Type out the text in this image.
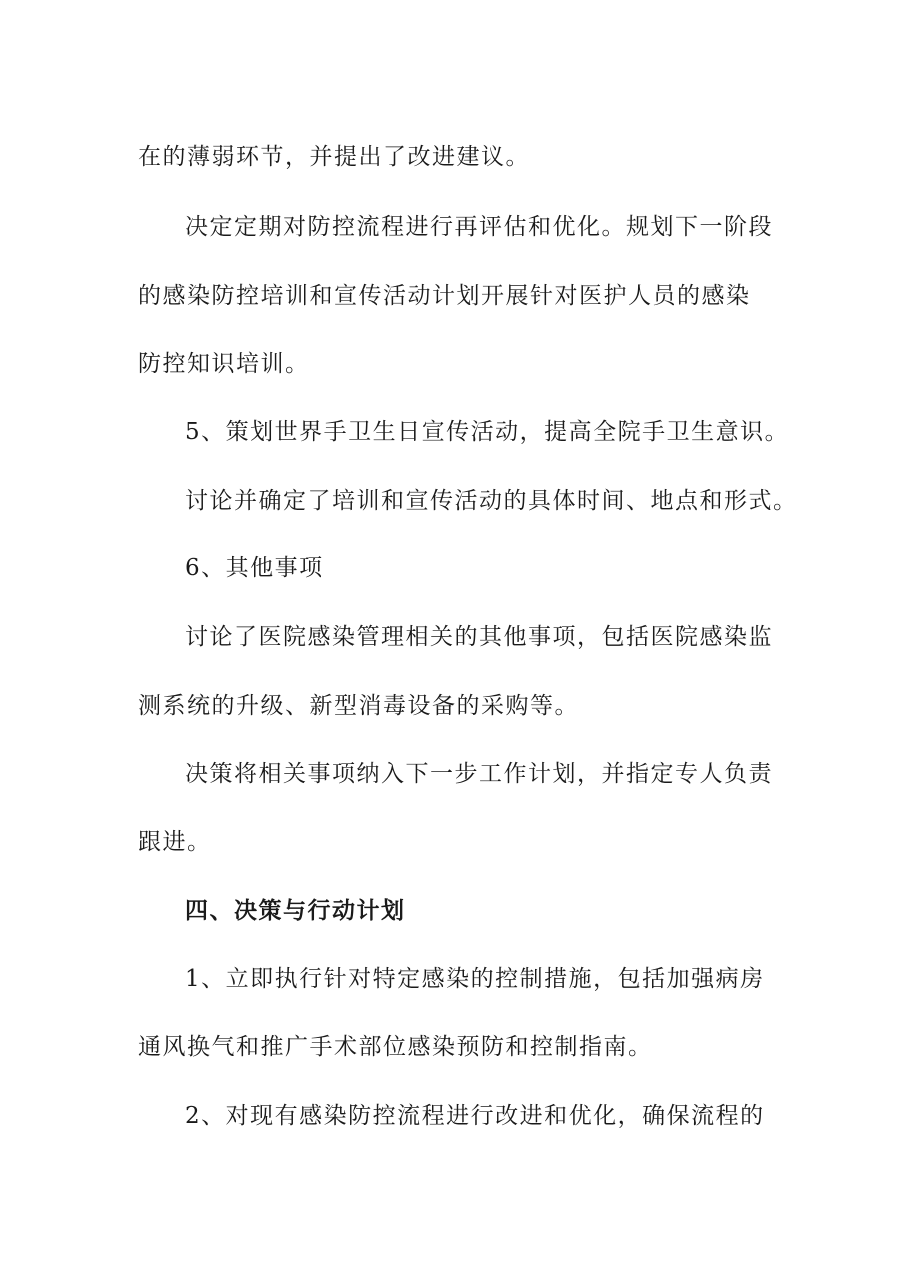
在的薄弱环节，并提出了改进建议。
决定定期对防控流程进行再评估和优化。规划下一阶段
的感染防控培训和宣传活动计划开展针对医护人员的感染
防控知识培训。
5、策划世界手卫生日宣传活动，提高全院手卫生意识。
讨论并确定了培训和宣传活动的具体时间、地点和形式。
6、其他事项
讨论了医院感染管理相关的其他事项，包括医院感染监
测系统的升级、新型消毒设备的采购等。
决策将相关事项纳入下一步工作计划，并指定专人负责
跟进。
四、决策与行动计划
1、立即执行针对特定感染的控制措施，包括加强病房
通风换气和推广手术部位感染预防和控制指南。
2、对现有感染防控流程进行改进和优化，确保流程的
